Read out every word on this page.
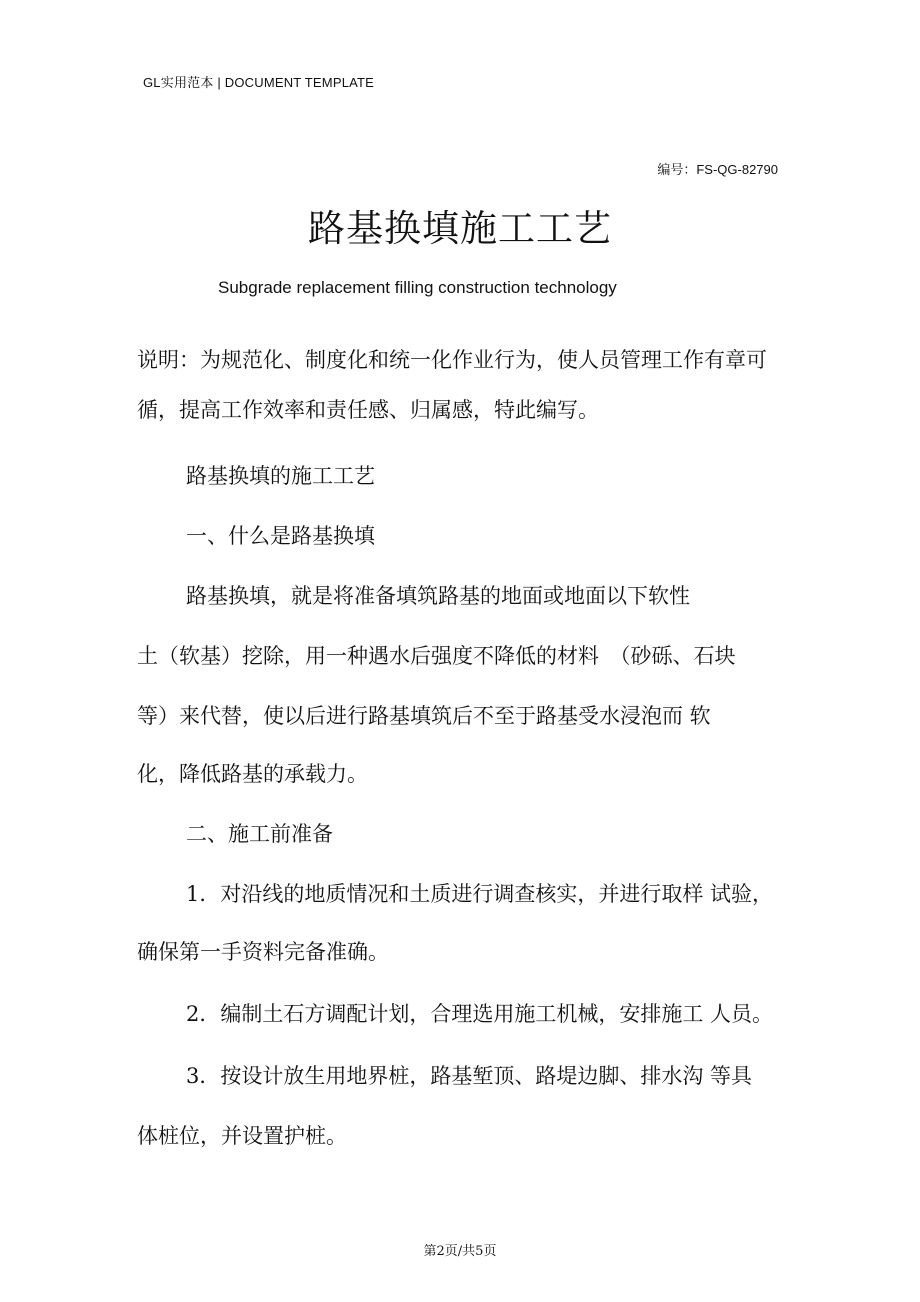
GL实用范本 | DOCUMENT TEMPLATE
编号：FS-QG-82790
路基换填施工工艺
Subgrade replacement filling construction technology
说明：为规范化、制度化和统一化作业行为，使人员管理工作有章可
循，提高工作效率和责任感、归属感，特此编写。
路基换填的施工工艺
一、什么是路基换填
路基换填，就是将准备填筑路基的地面或地面以下软性
土（软基）挖除，用一种遇水后强度不降低的材料　（砂砾、石块
等）来代替，使以后进行路基填筑后不至于路基受水浸泡而 软
化，降低路基的承载力。
二、施工前准备
1．对沿线的地质情况和土质进行调查核实，并进行取样 试验，
确保第一手资料完备准确。
2．编制土石方调配计划，合理选用施工机械，安排施工 人员。
3．按设计放生用地界桩，路基堑顶、路堤边脚、排水沟 等具
体桩位，并设置护桩。
第2页/共5页
